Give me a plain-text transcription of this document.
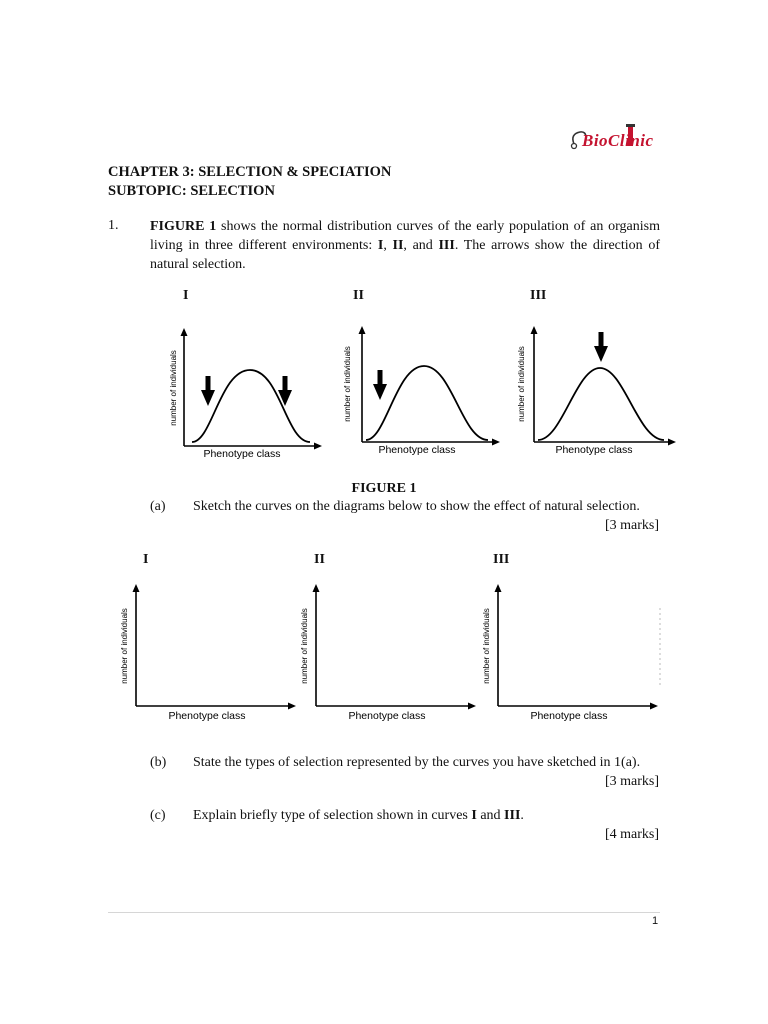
BioClinic
CHAPTER 3: SELECTION & SPECIATION
SUBTOPIC: SELECTION
1. FIGURE 1 shows the normal distribution curves of the early population of an organism living in three different environments: I, II, and III. The arrows show the direction of natural selection.
I	II	III
number of individuals
Phenotype class
number of individuals
Phenotype class
number of individuals
Phenotype class
FIGURE 1
(a) Sketch the curves on the diagrams below to show the effect of natural selection.
[3 marks]
I	II	III
number of individuals
Phenotype class
number of individuals
Phenotype class
number of individuals
Phenotype class
(b) State the types of selection represented by the curves you have sketched in 1(a).
[3 marks]
(c) Explain briefly type of selection shown in curves I and III.
[4 marks]
1
